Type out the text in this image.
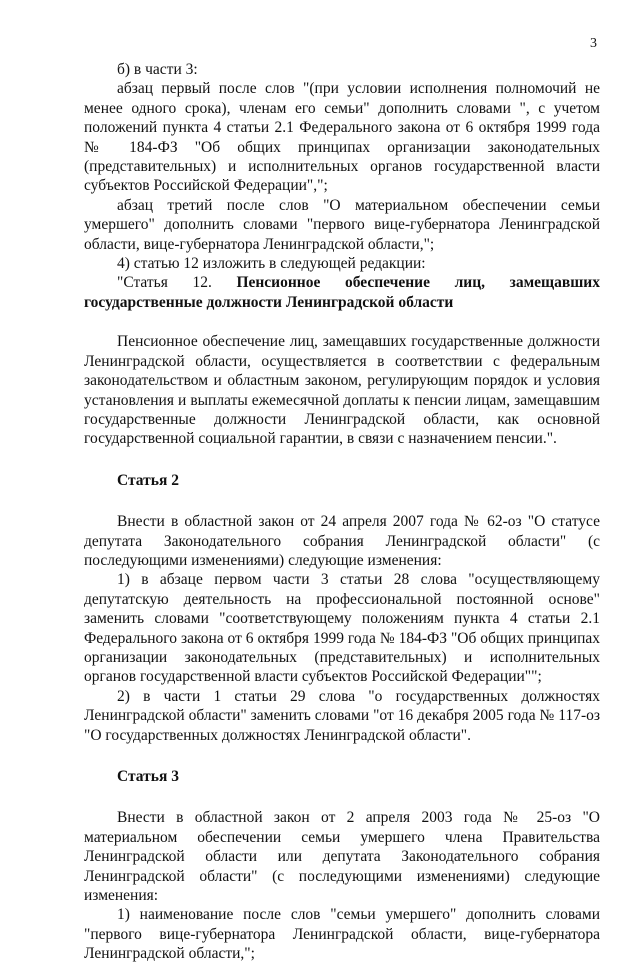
3

б) в части 3:

абзац первый после слов "(при условии исполнения полномочий не менее одного срока), членам его семьи" дополнить словами ", с учетом положений пункта 4 статьи 2.1 Федерального закона от 6 октября 1999 года № 184-ФЗ "Об общих принципах организации законодательных (представительных) и исполнительных органов государственной власти субъектов Российской Федерации",";

абзац третий после слов "О материальном обеспечении семьи умершего" дополнить словами "первого вице-губернатора Ленинградской области, вице-губернатора Ленинградской области,";

4) статью 12 изложить в следующей редакции:

"Статья 12. Пенсионное обеспечение лиц, замещавших государственные должности Ленинградской области

Пенсионное обеспечение лиц, замещавших государственные должности Ленинградской области, осуществляется в соответствии с федеральным законодательством и областным законом, регулирующим порядок и условия установления и выплаты ежемесячной доплаты к пенсии лицам, замещавшим государственные должности Ленинградской области, как основной государственной социальной гарантии, в связи с назначением пенсии.".

Статья 2

Внести в областной закон от 24 апреля 2007 года № 62-оз "О статусе депутата Законодательного собрания Ленинградской области" (с последующими изменениями) следующие изменения:

1) в абзаце первом части 3 статьи 28 слова "осуществляющему депутатскую деятельность на профессиональной постоянной основе" заменить словами "соответствующему положениям пункта 4 статьи 2.1 Федерального закона от 6 октября 1999 года № 184-ФЗ "Об общих принципах организации законодательных (представительных) и исполнительных органов государственной власти субъектов Российской Федерации"";

2) в части 1 статьи 29 слова "о государственных должностях Ленинградской области" заменить словами "от 16 декабря 2005 года № 117-оз "О государственных должностях Ленинградской области".

Статья 3

Внести в областной закон от 2 апреля 2003 года № 25-оз "О материальном обеспечении семьи умершего члена Правительства Ленинградской области или депутата Законодательного собрания Ленинградской области" (с последующими изменениями) следующие изменения:

1) наименование после слов "семьи умершего" дополнить словами "первого вице-губернатора Ленинградской области, вице-губернатора Ленинградской области,";
